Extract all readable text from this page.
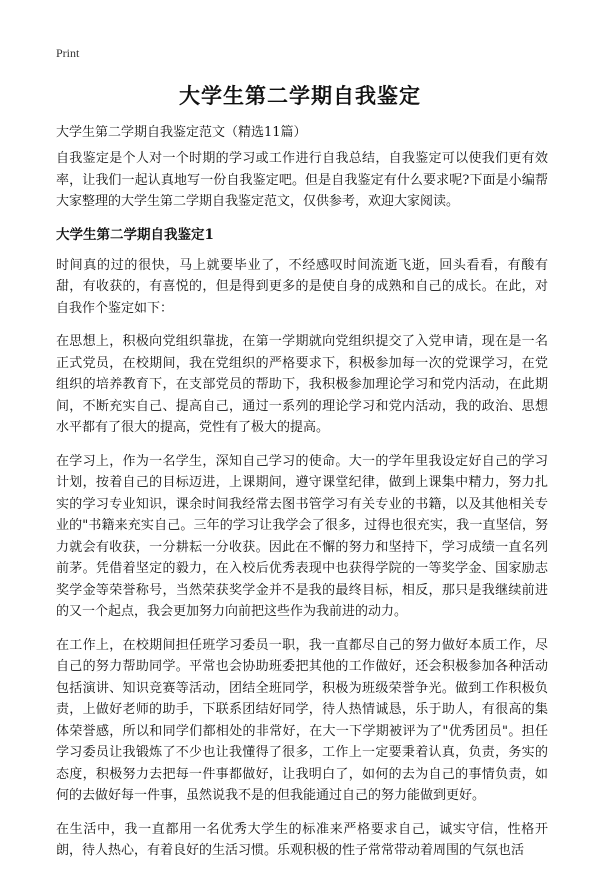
Print
大学生第二学期自我鉴定

大学生第二学期自我鉴定范文（精选11篇）

自我鉴定是个人对一个时期的学习或工作进行自我总结，自我鉴定可以使我们更有效率，让我们一起认真地写一份自我鉴定吧。但是自我鉴定有什么要求呢?下面是小编帮大家整理的大学生第二学期自我鉴定范文，仅供参考，欢迎大家阅读。

大学生第二学期自我鉴定1

时间真的过的很快，马上就要毕业了，不经感叹时间流逝飞逝，回头看看，有酸有甜，有收获的，有喜悦的，但是得到更多的是使自身的成熟和自己的成长。在此，对自我作个鉴定如下：

在思想上，积极向党组织靠拢，在第一学期就向党组织提交了入党申请，现在是一名正式党员，在校期间，我在党组织的严格要求下，积极参加每一次的党课学习，在党组织的培养教育下，在支部党员的帮助下，我积极参加理论学习和党内活动，在此期间，不断充实自己、提高自己，通过一系列的理论学习和党内活动，我的政治、思想水平都有了很大的提高，党性有了极大的提高。

在学习上，作为一名学生，深知自己学习的使命。大一的学年里我设定好自己的学习计划，按着自己的目标迈进，上课期间，遵守课堂纪律，做到上课集中精力，努力扎实的学习专业知识，课余时间我经常去图书管学习有关专业的书籍，以及其他相关专业的"书籍来充实自己。三年的学习让我学会了很多，过得也很充实，我一直坚信，努力就会有收获，一分耕耘一分收获。因此在不懈的努力和坚持下，学习成绩一直名列前茅。凭借着坚定的毅力，在入校后优秀表现中也获得学院的一等奖学金、国家励志奖学金等荣誉称号，当然荣获奖学金并不是我的最终目标，相反，那只是我继续前进的又一个起点，我会更加努力向前把这些作为我前进的动力。

在工作上，在校期间担任班学习委员一职，我一直都尽自己的努力做好本质工作，尽自己的努力帮助同学。平常也会协助班委把其他的工作做好，还会积极参加各种活动包括演讲、知识竞赛等活动，团结全班同学，积极为班级荣誉争光。做到工作积极负责，上做好老师的助手，下联系团结好同学，待人热情诚恳，乐于助人，有很高的集体荣誉感，所以和同学们都相处的非常好，在大一下学期被评为了"优秀团员"。担任学习委员让我锻炼了不少也让我懂得了很多，工作上一定要秉着认真，负责，务实的态度，积极努力去把每一件事都做好，让我明白了，如何的去为自己的事情负责，如何的去做好每一件事，虽然说我不是的但我能通过自己的努力能做到更好。

在生活中，我一直都用一名优秀大学生的标准来严格要求自己，诚实守信，性格开朗，待人热心，有着良好的生活习惯。乐观积极的性子常常带动着周围的气氛也活
